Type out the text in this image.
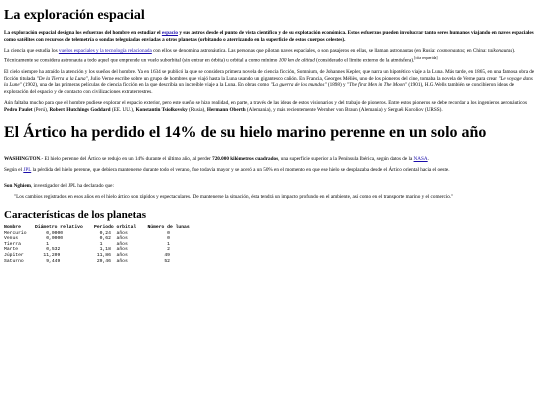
La exploración espacial

La exploración espacial designa los esfuerzos del hombre en estudiar el espacio y sus astros desde el punto de vista científico y de su explotación económica. Estos esfuerzos pueden involucrar tanto seres humanos viajando en naves espaciales como satélites con recursos de telemetría o sondas teleguiadas enviadas a otros planetas (orbitando o aterrizando en la superficie de estos cuerpos celestes).

La ciencia que estudia los vuelos espaciales y la tecnología relacionada con ellos se denomina astronáutica. Las personas que pilotan naves espaciales, o son pasajeros en ellas, se llaman astronautas (en Rusia: cosmonautas; en China: taikonautas). Técnicamente se considera astronauta a todo aquel que emprende un vuelo suborbital (sin entrar en órbita) u orbital a como mínimo 100 km de altitud (considerado el límite externo de la atmósfera).[cita requerida]

El cielo siempre ha atraído la atención y los sueños del hombre. Ya en 1634 se publicó la que se considera primera novela de ciencia ficción, Somnium, de Johannes Kepler, que narra un hipotético viaje a la Luna. Más tarde, en 1865, en una famosa obra de ficción titulada "De la Tierra a la Luna", Julio Verne escribe sobre un grupo de hombres que viajó hasta la Luna usando un gigantesco cañón. En Francia, Georges Méliès, uno de los pioneros del cine, tomaba la novela de Verne para crear "Le voyage dans la Lune" (1902), una de las primeras películas de ciencia ficción en la que describía un increíble viaje a la Luna. En obras como "La guerra de los mundos" (1898) y "The first Men in The Moon" (1901), H.G.Wells también se concibieron ideas de exploración del espacio y de contacto con civilizaciones extraterrestres.

Aún faltaba mucho para que el hombre pudiese explorar el espacio exterior, pero este sueño se hizo realidad, en parte, a través de las ideas de estos visionarios y del trabajo de pioneros. Entre estos pioneros se debe recordar a los ingenieros aeronáuticos Pedro Paulet (Perú), Robert Hutchings Goddard (EE. UU.), Konstantin Tsiolkovsky (Rusia), Hermann Oberth (Alemania), y más recientemente Wernher von Braun (Alemania) y Serguéi Koroliov (URSS).

El Ártico ha perdido el 14% de su hielo marino perenne en un solo año

WASHINGTON.- El hielo perenne del Ártico se redujo en un 14% durante el último año, al perder 720.000 kilómetros cuadrados, una superficie superior a la Península Ibérica, según datos de la NASA.

Según el JPL la pérdida del hielo perenne, que debiera mantenerse durante todo el verano, fue todavía mayor y se aceró a un 50% en el momento en que ese hielo se desplazaba desde el Ártico oriental hacia el oeste.

Son Nghiem, investigador del JPL ha declarado que:

"Los cambios registrados en esos años en el hielo ártico son rápidos y espectaculares. De mantenerse la situación, ésta tendrá un impacto profundo en el ambiente, así como en el transporte marino y el comercio."
Características de los planetas
Nombre     Diámetro relativo    Periodo orbital    Número de lunas
Mercurio       0,0000             0,24  años              0
Venus          0,0000             0,62  años              0
Tierra         1                  1     años              1
Marte          0,532              1,18  años              2
Júpiter       11,209             11,86  años             49
Saturno        9,449             29,46  años             52
